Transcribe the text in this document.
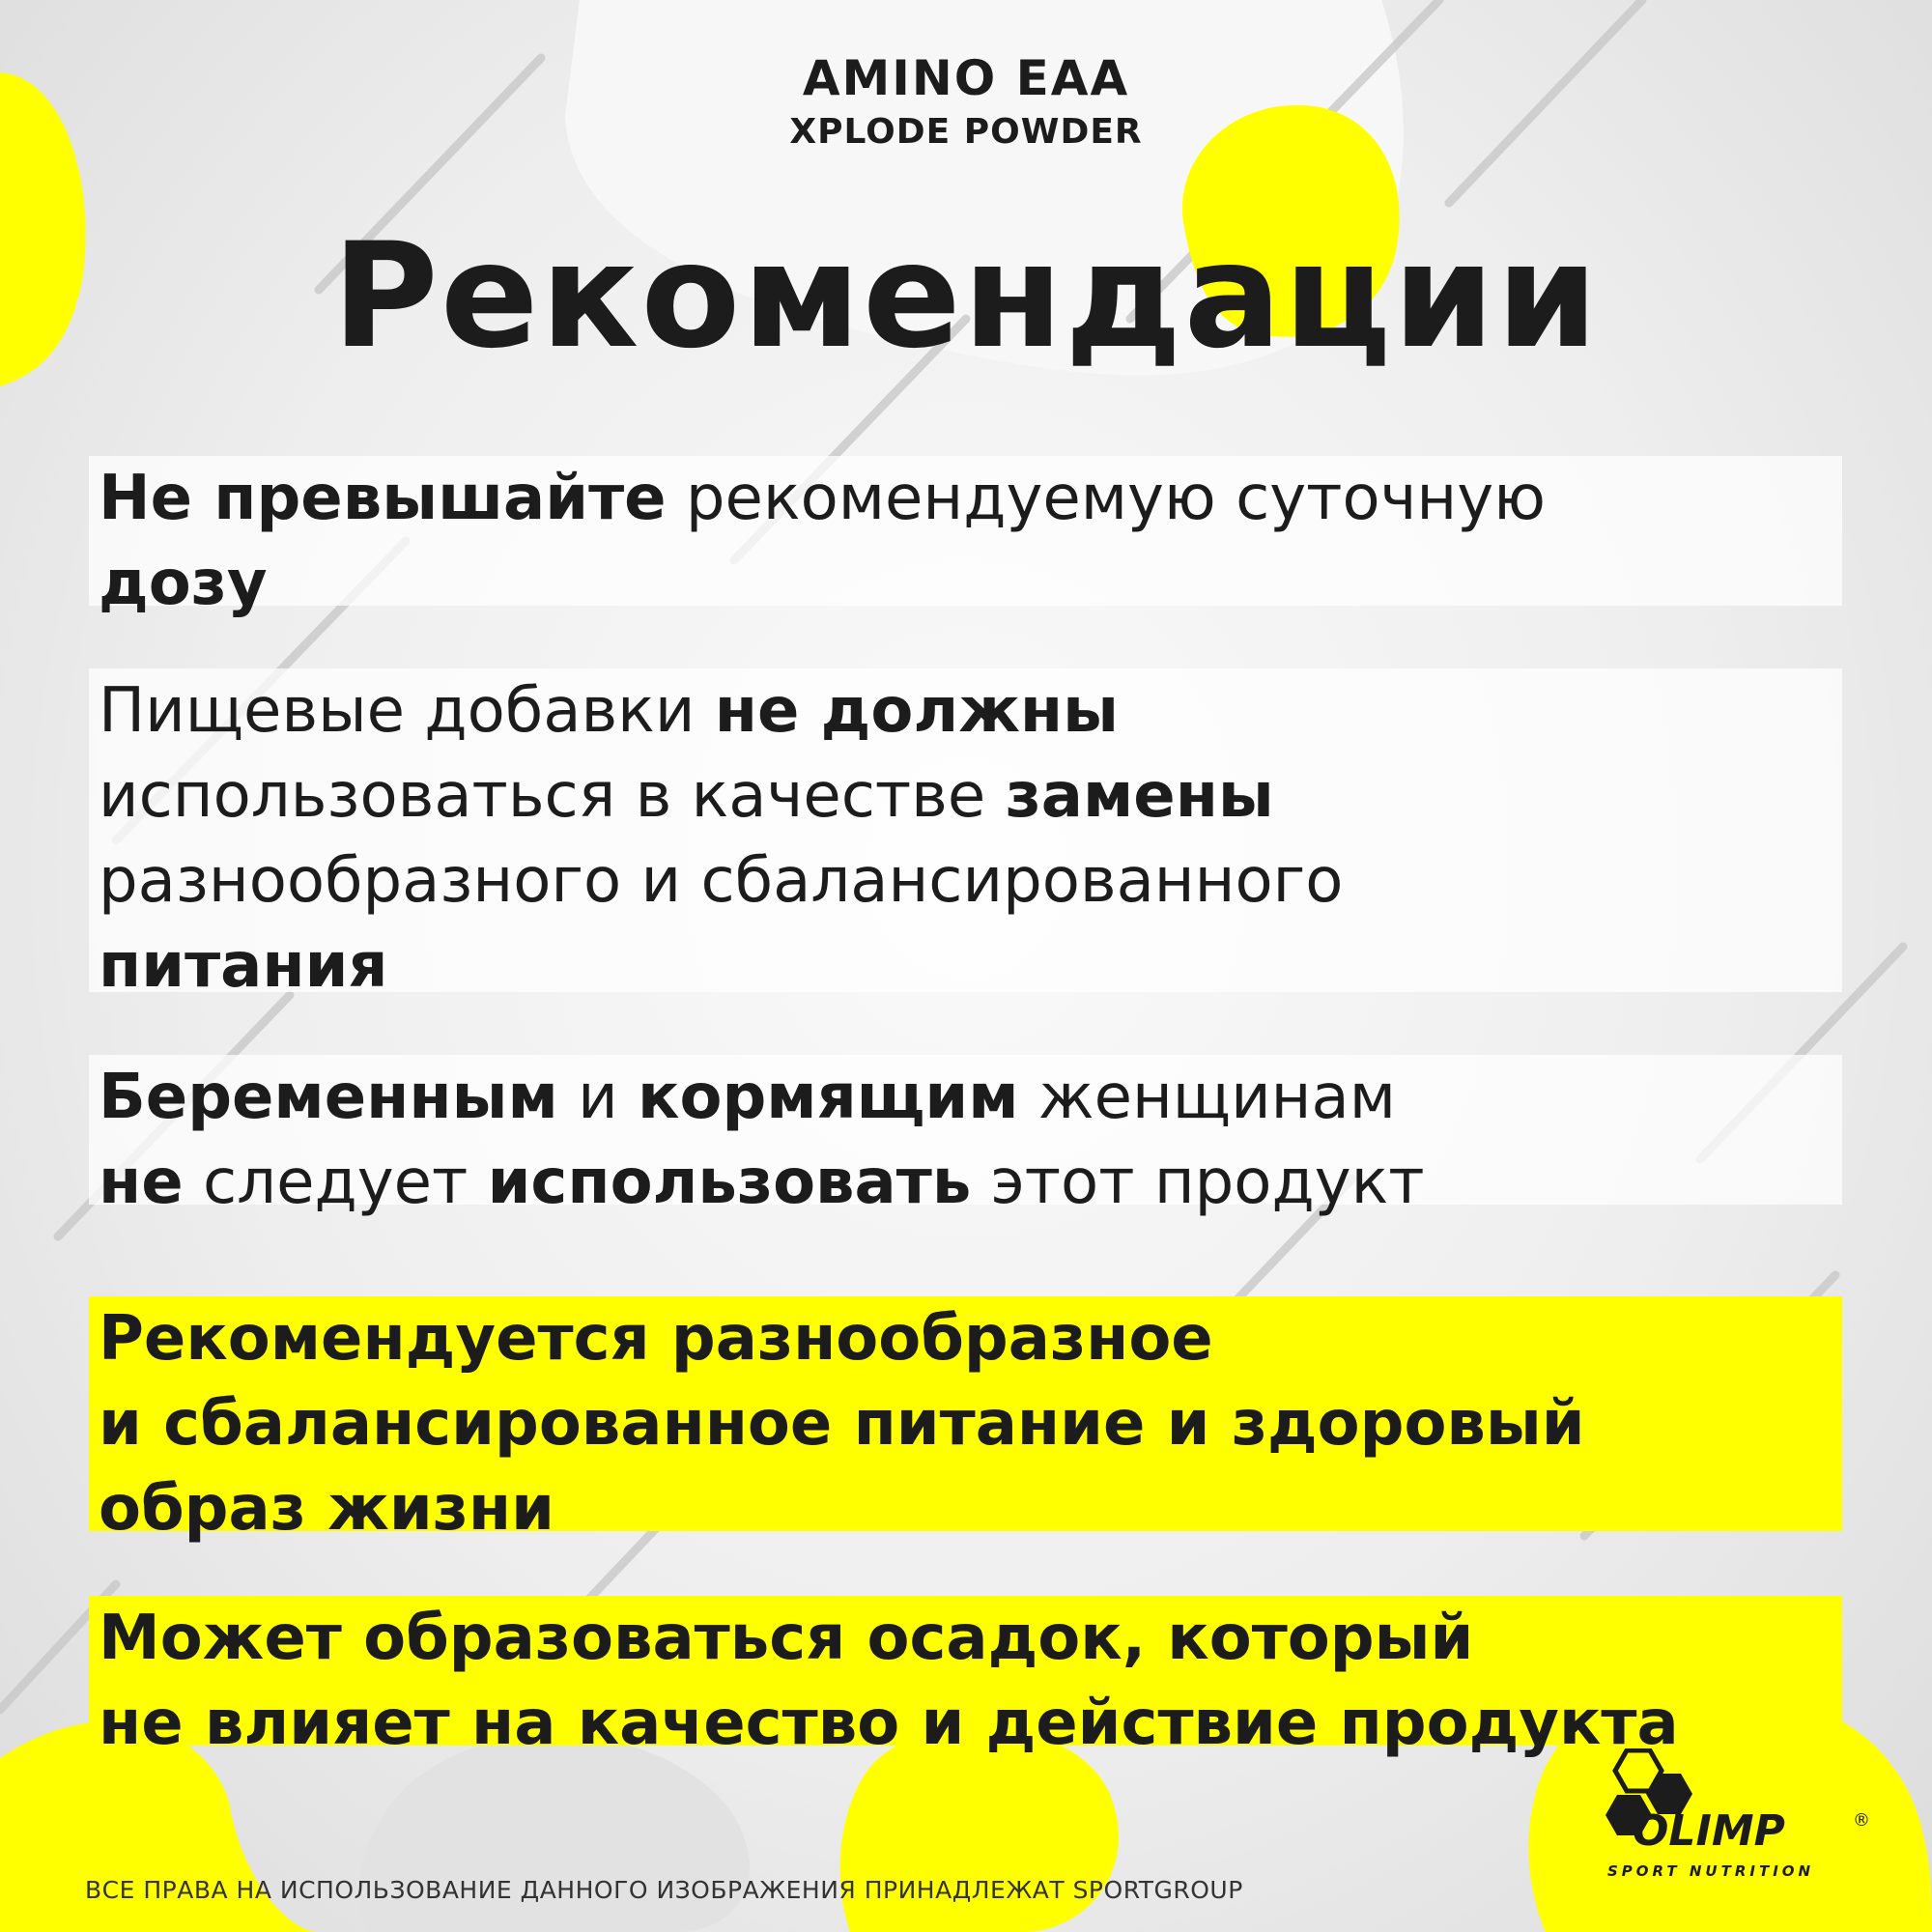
AMINO EAA
XPLODE POWDER
Рекомендации

Не превышайте рекомендуемую суточную

дозу

Пищевые добавки не должны

использоваться в качестве замены

разнообразного и сбалансированного

питания

Беременным и кормящим женщинам

не следует использовать этот продукт

Рекомендуется разнообразное

и сбалансированное питание и здоровый

образ жизни

Может образоваться осадок, который

не влияет на качество и действие продукта

OLIMP	®
SPORT NUTRITION
ВСЕ ПРАВА НА ИСПОЛЬЗОВАНИЕ ДАННОГО ИЗОБРАЖЕНИЯ ПРИНАДЛЕЖАТ SPORTGROUP
